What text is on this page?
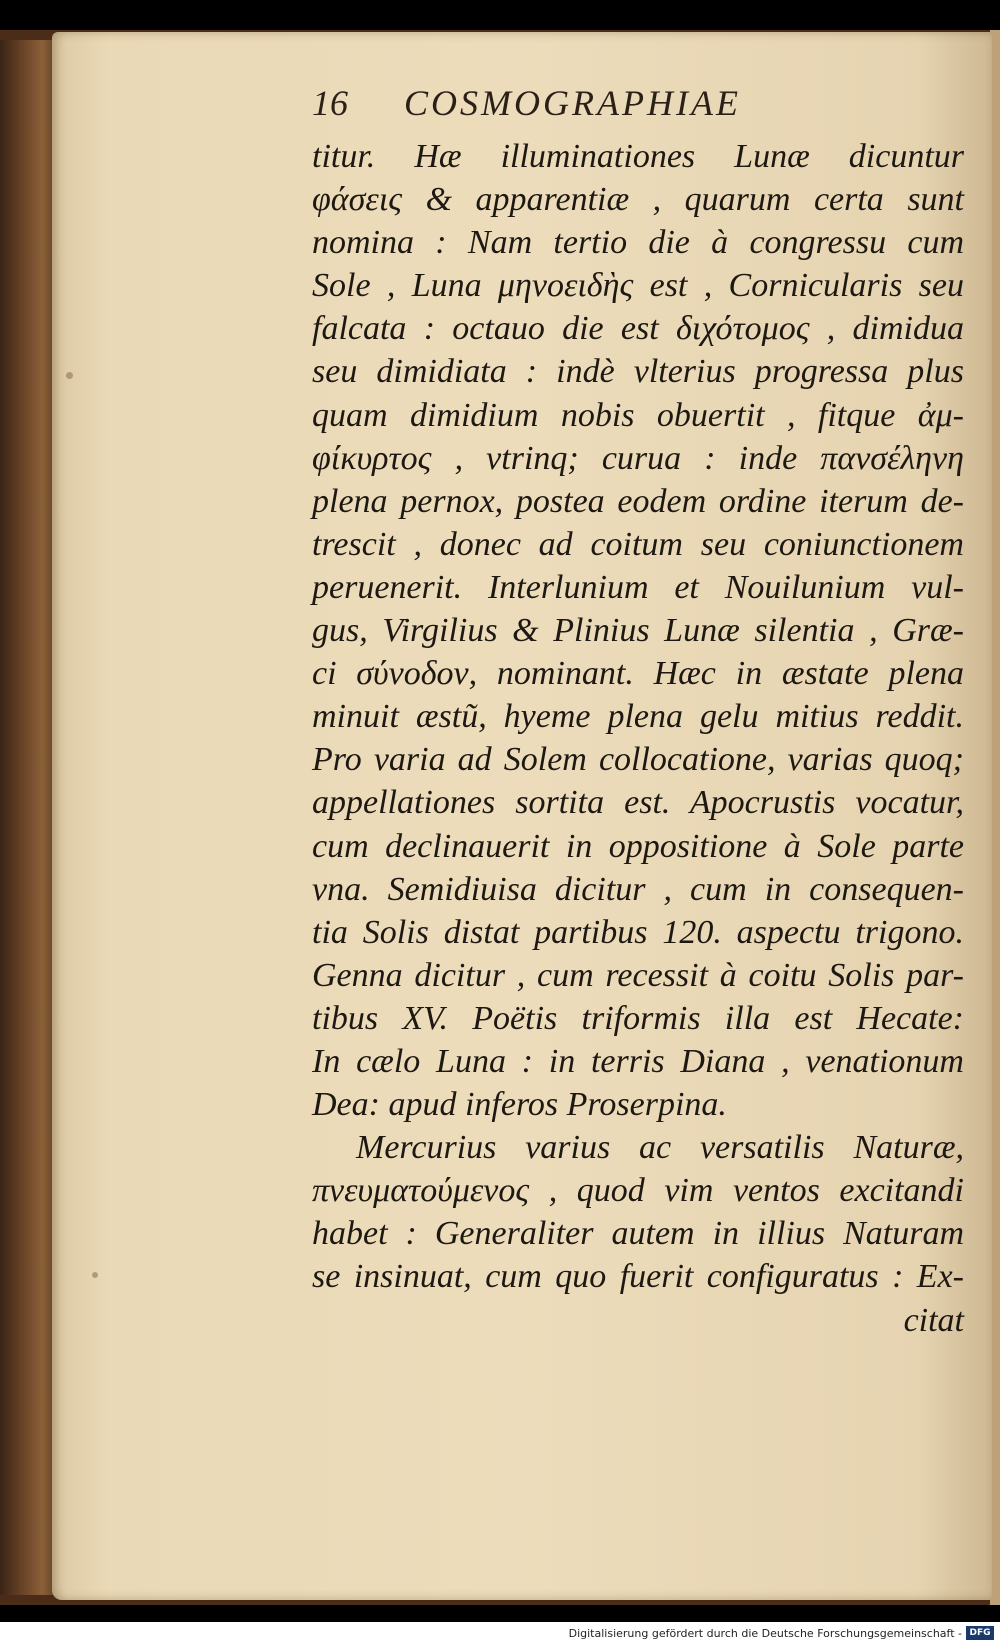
16 COSMOGRAPHIAE
titur. Hæ illuminationes Lunæ dicuntur
φάσεις & apparentiæ , quarum certa sunt
nomina : Nam tertio die à congressu cum
Sole , Luna μηνοειδὴς est , Cornicularis seu
falcata : octauo die est διχότομος , dimidua
seu dimidiata : indè vlterius progressa plus
quam dimidium nobis obuertit , fitque ἀμ-
φίκυρτος , vtrinq; curua : inde πανσέληνη
plena pernox, postea eodem ordine iterum de-
trescit , donec ad coitum seu coniunctionem
peruenerit. Interlunium et Nouilunium vul-
gus, Virgilius & Plinius Lunæ silentia , Græ-
ci σύνοδον, nominant. Hæc in æstate plena
minuit æstũ, hyeme plena gelu mitius reddit.
Pro varia ad Solem collocatione, varias quoq;
appellationes sortita est. Apocrustis vocatur,
cum declinauerit in oppositione à Sole parte
vna. Semidiuisa dicitur , cum in consequen-
tia Solis distat partibus 120. aspectu trigono.
Genna dicitur , cum recessit à coitu Solis par-
tibus XV. Poëtis triformis illa est Hecate:
In cælo Luna : in terris Diana , venationum
Dea: apud inferos Proserpina.
Mercurius varius ac versatilis Naturæ,
πνευματούμενος , quod vim ventos excitandi
habet : Generaliter autem in illius Naturam
se insinuat, cum quo fuerit configuratus : Ex-
citat
Digitalisierung gefördert durch die Deutsche Forschungsgemeinschaft - DFG
